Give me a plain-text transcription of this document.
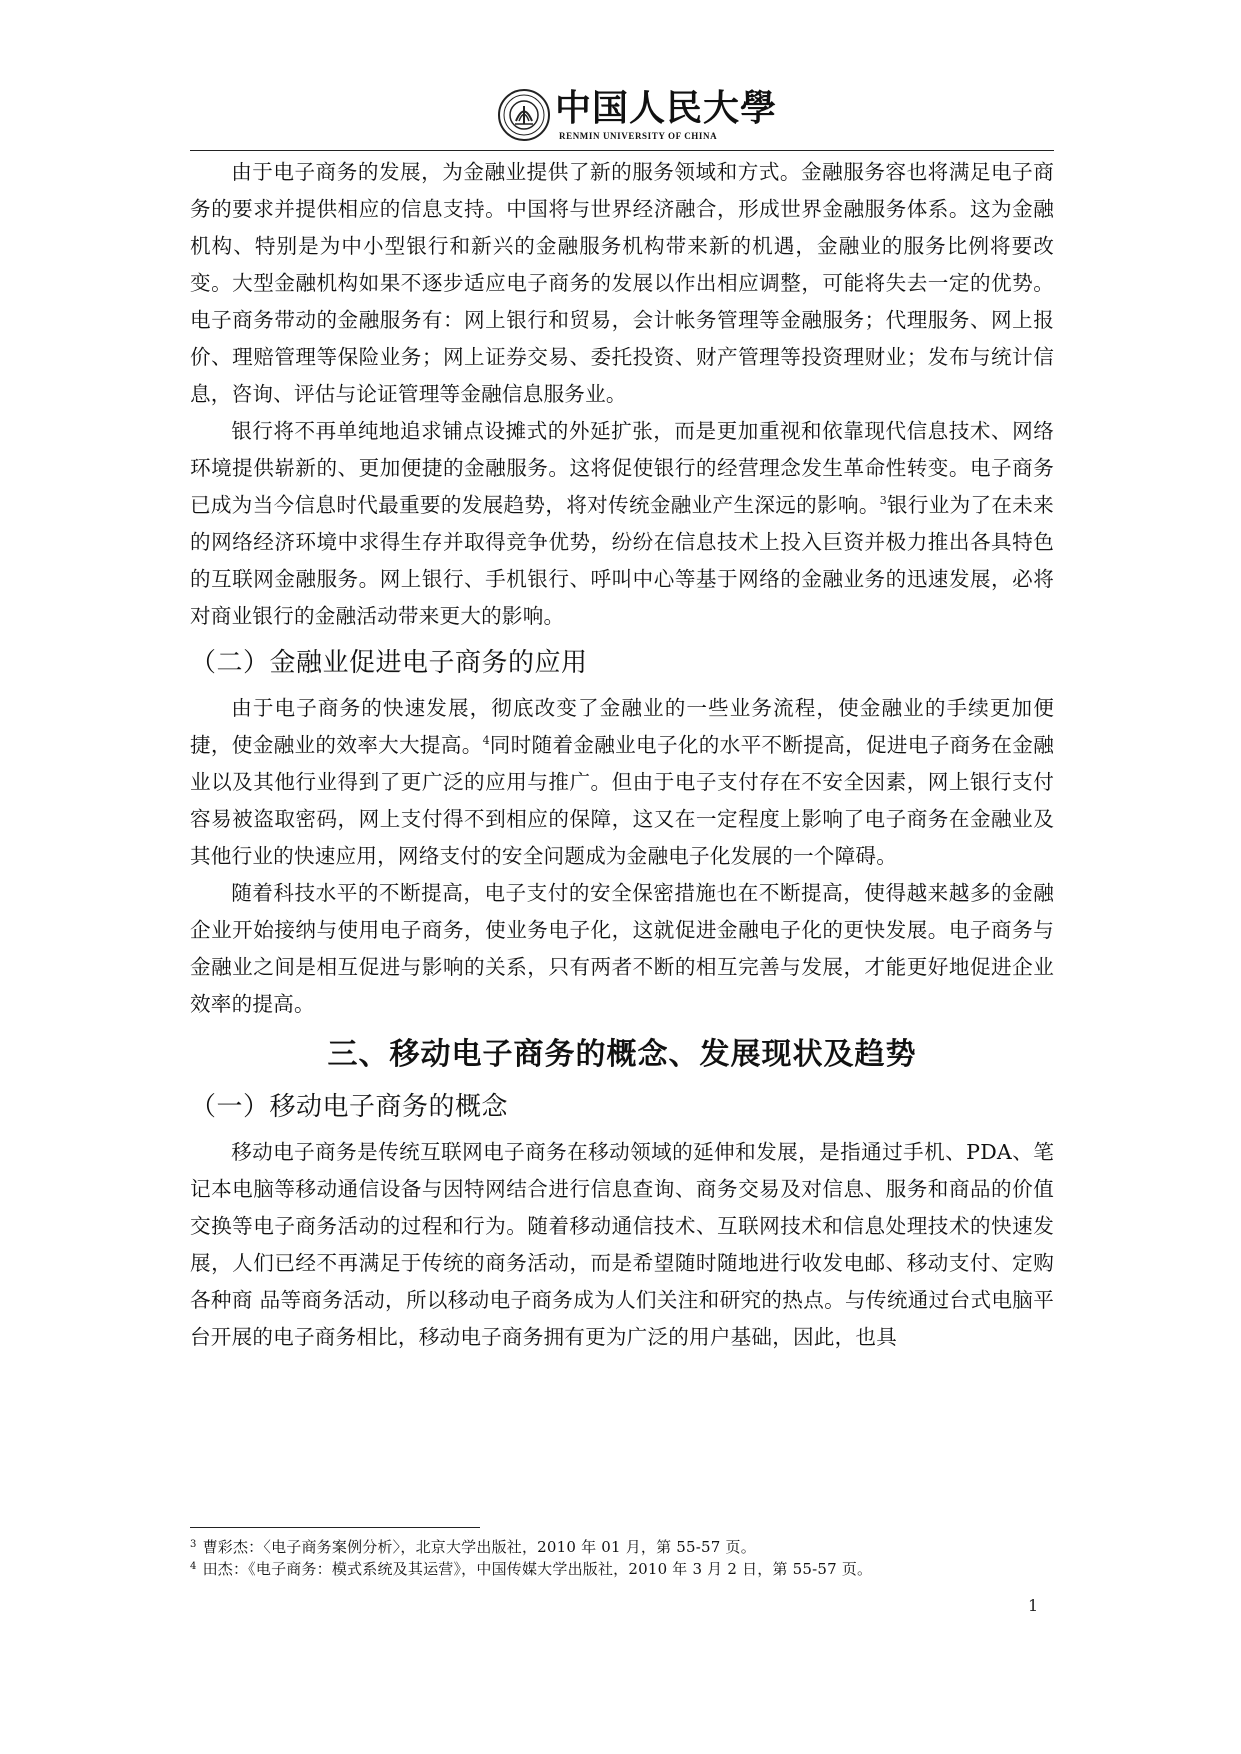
中国人民大學
RENMIN UNIVERSITY OF CHINA

由于电子商务的发展，为金融业提供了新的服务领域和方式。金融服务容也将满足电子商务的要求并提供相应的信息支持。中国将与世界经济融合，形成世界金融服务体系。这为金融机构、特别是为中小型银行和新兴的金融服务机构带来新的机遇，金融业的服务比例将要改变。大型金融机构如果不逐步适应电子商务的发展以作出相应调整，可能将失去一定的优势。电子商务带动的金融服务有：网上银行和贸易，会计帐务管理等金融服务；代理服务、网上报价、理赔管理等保险业务；网上证券交易、委托投资、财产管理等投资理财业；发布与统计信息，咨询、评估与论证管理等金融信息服务业。

银行将不再单纯地追求铺点设摊式的外延扩张，而是更加重视和依靠现代信息技术、网络环境提供崭新的、更加便捷的金融服务。这将促使银行的经营理念发生革命性转变。电子商务已成为当今信息时代最重要的发展趋势，将对传统金融业产生深远的影响。$^3$银行业为了在未来的网络经济环境中求得生存并取得竞争优势，纷纷在信息技术上投入巨资并极力推出各具特色的互联网金融服务。网上银行、手机银行、呼叫中心等基于网络的金融业务的迅速发展，必将对商业银行的金融活动带来更大的影响。

（二）金融业促进电子商务的应用

由于电子商务的快速发展，彻底改变了金融业的一些业务流程，使金融业的手续更加便捷，使金融业的效率大大提高。$^4$同时随着金融业电子化的水平不断提高，促进电子商务在金融业以及其他行业得到了更广泛的应用与推广。但由于电子支付存在不安全因素，网上银行支付容易被盗取密码，网上支付得不到相应的保障，这又在一定程度上影响了电子商务在金融业及其他行业的快速应用，网络支付的安全问题成为金融电子化发展的一个障碍。

随着科技水平的不断提高，电子支付的安全保密措施也在不断提高，使得越来越多的金融企业开始接纳与使用电子商务，使业务电子化，这就促进金融电子化的更快发展。电子商务与金融业之间是相互促进与影响的关系，只有两者不断的相互完善与发展，才能更好地促进企业效率的提高。

三、移动电子商务的概念、发展现状及趋势
（一）移动电子商务的概念

移动电子商务是传统互联网电子商务在移动领域的延伸和发展，是指通过手机、PDA、笔记本电脑等移动通信设备与因特网结合进行信息查询、商务交易及对信息、服务和商品的价值交换等电子商务活动的过程和行为。随着移动通信技术、互联网技术和信息处理技术的快速发展，人们已经不再满足于传统的商务活动，而是希望随时随地进行收发电邮、移动支付、定购各种商 品等商务活动，所以移动电子商务成为人们关注和研究的热点。与传统通过台式电脑平台开展的电子商务相比，移动电子商务拥有更为广泛的用户基础，因此，也具

$^3$ 曹彩杰：〈电子商务案例分析〉，北京大学出版社，2010 年 01 月，第 55-57 页。

$^4$ 田杰：《电子商务：模式系统及其运营》，中国传媒大学出版社，2010 年 3 月 2 日，第 55-57 页。

1
